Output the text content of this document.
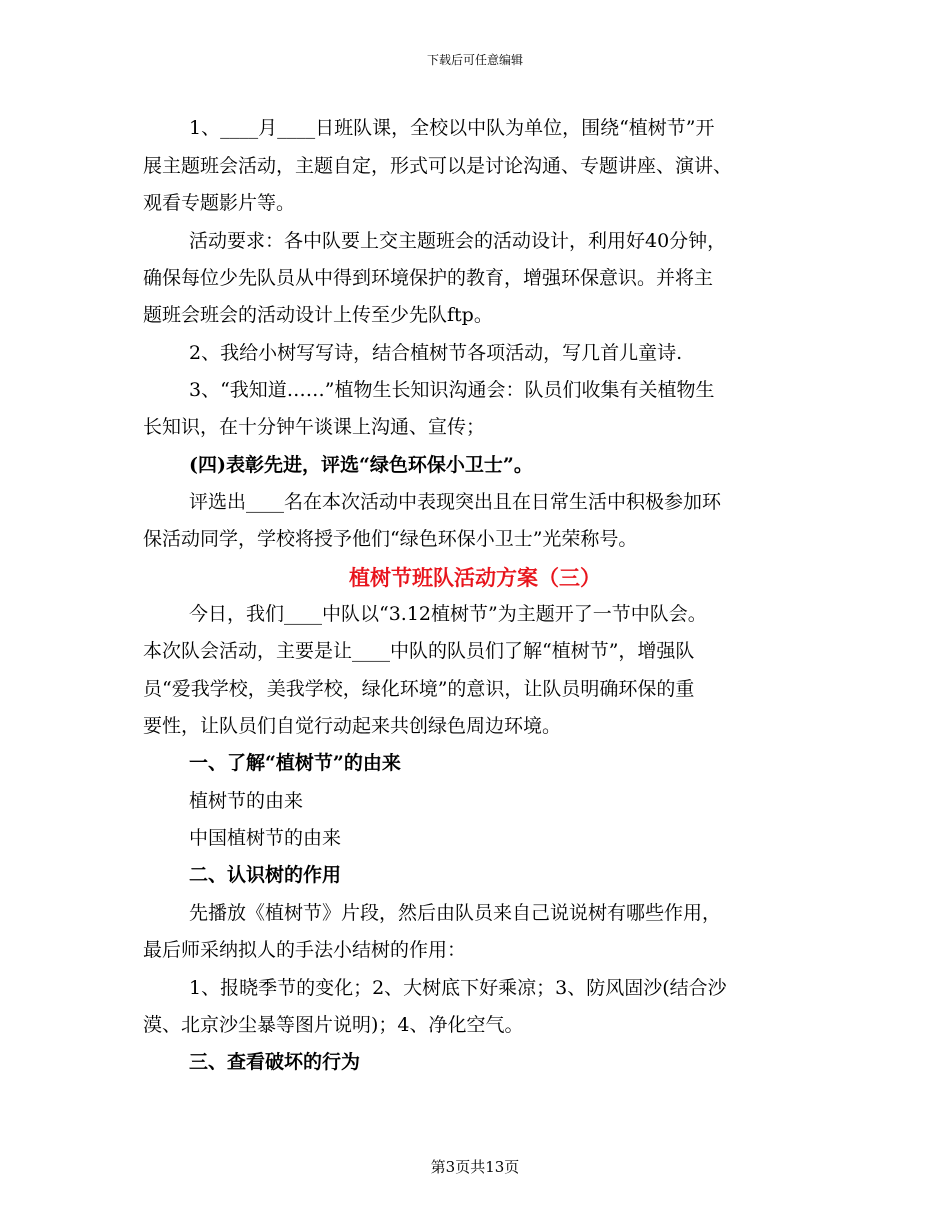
下载后可任意编辑
1、____月____日班队课，全校以中队为单位，围绕“植树节”开
展主题班会活动，主题自定，形式可以是讨论沟通、专题讲座、演讲、
观看专题影片等。
活动要求：各中队要上交主题班会的活动设计，利用好40分钟，
确保每位少先队员从中得到环境保护的教育，增强环保意识。并将主
题班会班会的活动设计上传至少先队ftp。
2、我给小树写写诗，结合植树节各项活动，写几首儿童诗.
3、“我知道……”植物生长知识沟通会：队员们收集有关植物生
长知识，在十分钟午谈课上沟通、宣传；
(四)表彰先进，评选“绿色环保小卫士”。
评选出____名在本次活动中表现突出且在日常生活中积极参加环
保活动同学，学校将授予他们“绿色环保小卫士”光荣称号。
植树节班队活动方案（三）
今日，我们____中队以“3.12植树节”为主题开了一节中队会。
本次队会活动，主要是让____中队的队员们了解“植树节”，增强队
员“爱我学校，美我学校，绿化环境”的意识，让队员明确环保的重
要性，让队员们自觉行动起来共创绿色周边环境。
一、了解“植树节”的由来
植树节的由来
中国植树节的由来
二、认识树的作用
先播放《植树节》片段，然后由队员来自己说说树有哪些作用，
最后师采纳拟人的手法小结树的作用：
1、报晓季节的变化；2、大树底下好乘凉；3、防风固沙(结合沙
漠、北京沙尘暴等图片说明)；4、净化空气。
三、查看破坏的行为
第3页共13页
